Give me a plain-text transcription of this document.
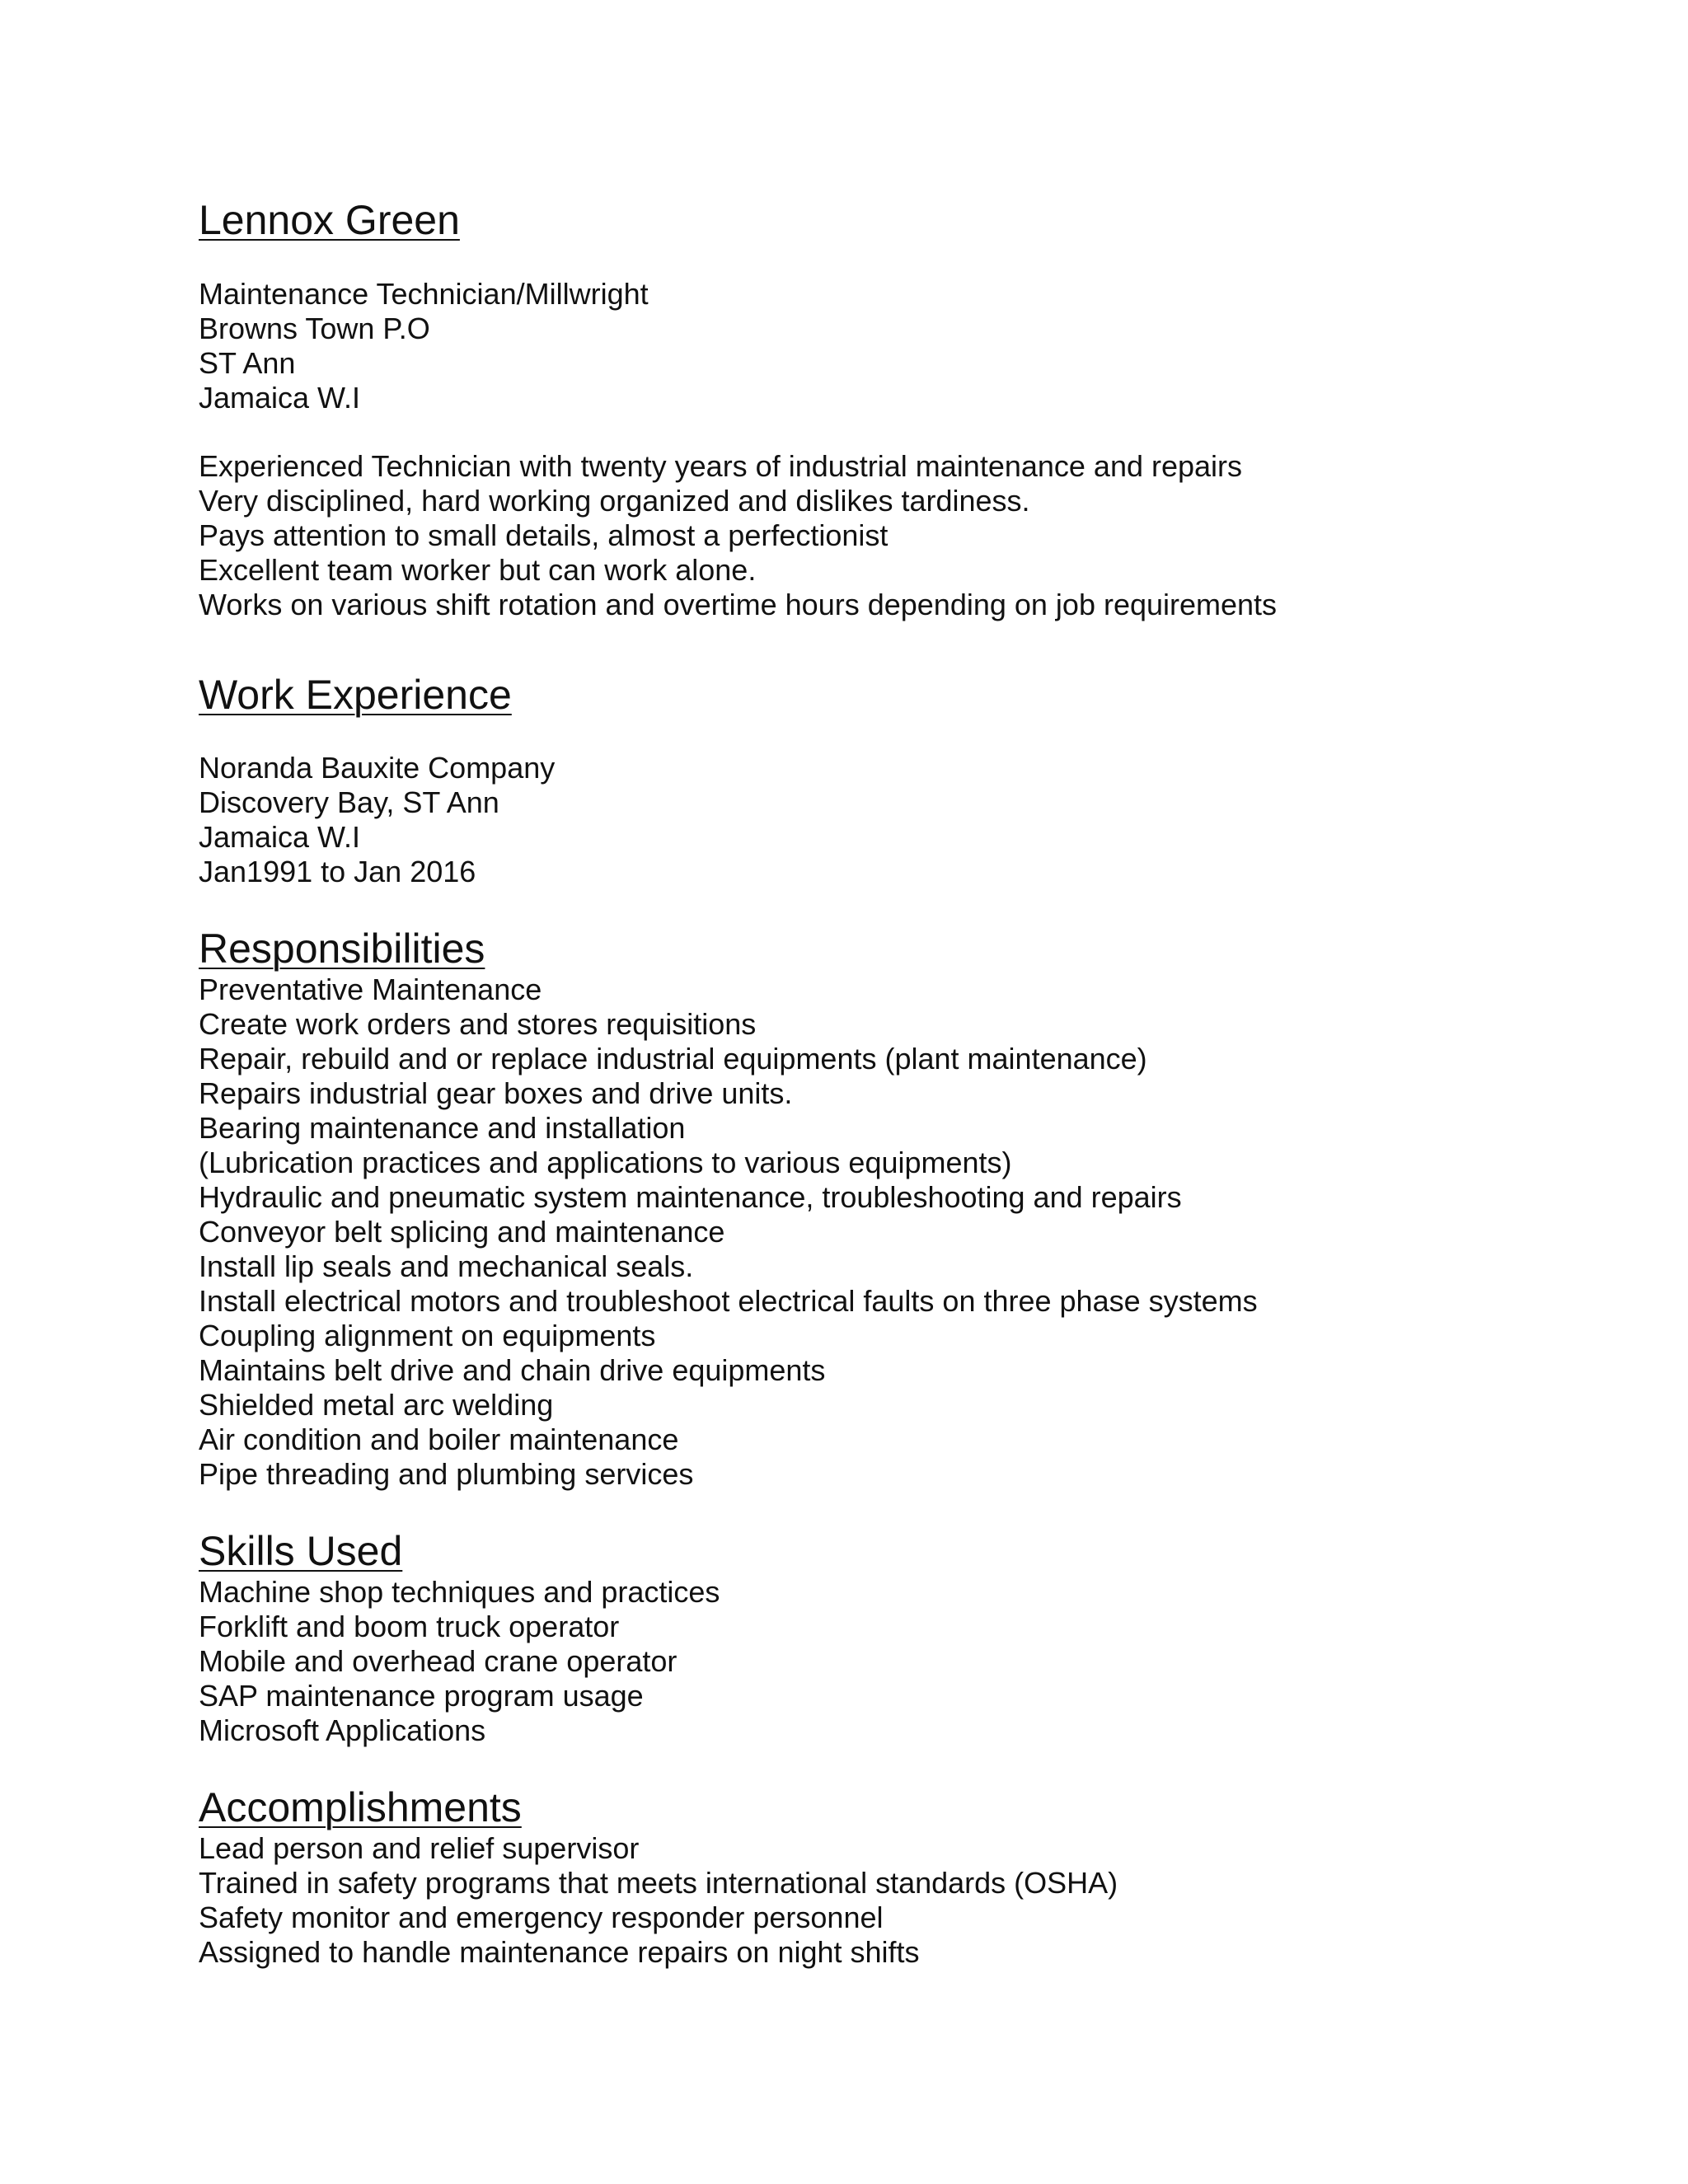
Lennox Green
Maintenance Technician/Millwright
Browns Town P.O
ST Ann
Jamaica W.I
Experienced Technician with twenty years of industrial maintenance and repairs
Very disciplined, hard working organized and dislikes tardiness.
Pays attention to small details, almost a perfectionist
Excellent team worker but can work alone.
Works on various shift rotation and overtime hours depending on job requirements
Work Experience
Noranda Bauxite Company
Discovery Bay, ST Ann
Jamaica W.I
Jan1991 to Jan 2016
Responsibilities
Preventative Maintenance
Create work orders and stores requisitions
Repair, rebuild and or replace industrial equipments (plant maintenance)
Repairs industrial gear boxes and drive units.
Bearing maintenance and installation
(Lubrication practices and applications to various equipments)
Hydraulic and pneumatic system maintenance, troubleshooting and repairs
Conveyor belt splicing and maintenance
Install lip seals and mechanical seals.
Install electrical motors and troubleshoot electrical faults on three phase systems
Coupling alignment on equipments
Maintains belt drive and chain drive equipments
Shielded metal arc welding
Air condition and boiler maintenance
Pipe threading and plumbing services
Skills Used
Machine shop techniques and practices
Forklift and boom truck operator
Mobile and overhead crane operator
SAP maintenance program usage
Microsoft Applications
Accomplishments
Lead person and relief supervisor
Trained in safety programs that meets international standards (OSHA)
Safety monitor and emergency responder personnel
Assigned to handle maintenance repairs on night shifts
